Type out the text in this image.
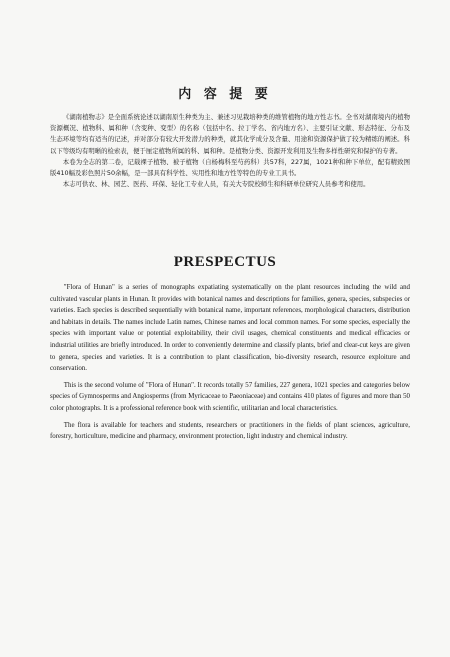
内 容 提 要

《湖南植物志》是全面系统论述以湖南原生种类为主、兼述习见栽培种类的维管植物的地方性志书。全书对湖南境内的植物资源概况、植物科、属和种（含变种、变型）的名称（包括中名、拉丁学名、省内地方名）、主要引证文献、形态特征、分布及生态环境等均有适当的记述，并对部分有较大开发潜力的种类，就其化学成分及含量、用途和资源保护做了较为精练的阐述。科以下等级均有明晰的检索表，便于厘定植物所属的科、属和种。是植物分类、资源开发利用及生物多样性研究和保护的专著。

本卷为全志的第二卷，记载裸子植物、被子植物（自杨梅科至芍药科）共57科，227属，1021种和种下单位，配有精致图版410幅及彩色照片50余幅，是一部具有科学性、实用性和地方性等特色的专业工具书。

本志可供农、林、园艺、医药、环保、轻化工专业人员，有关大专院校师生和科研单位研究人员参考和使用。

PRESPECTUS

"Flora of Hunan" is a series of monographs expatiating systematically on the plant resources including the wild and cultivated vascular plants in Hunan. It provides with botanical names and descriptions for families, genera, species, subspecies or varieties. Each species is described sequentially with botanical name, important references, morphological characters, distribution and habitats in details. The names include Latin names, Chinese names and local common names. For some species, especially the species with important value or potential exploitability, their civil usages, chemical constituents and medical efficacies or industrial utilities are briefly introduced. In order to conveniently determine and classify plants, brief and clear-cut keys are given to genera, species and varieties. It is a contribution to plant classification, bio-diversity research, resource exploiture and conservation.

This is the second volume of "Flora of Hunan". It records totally 57 families, 227 genera, 1021 species and categories below species of Gymnosperms and Angiosperms (from Myricaceae to Paeoniaceae) and contains 410 plates of figures and more than 50 color photographs. It is a professional reference book with scientific, utilitarian and local characteristics.

The flora is available for teachers and students, researchers or practitioners in the fields of plant sciences, agriculture, forestry, horticulture, medicine and pharmacy, environment protection, light industry and chemical industry.
